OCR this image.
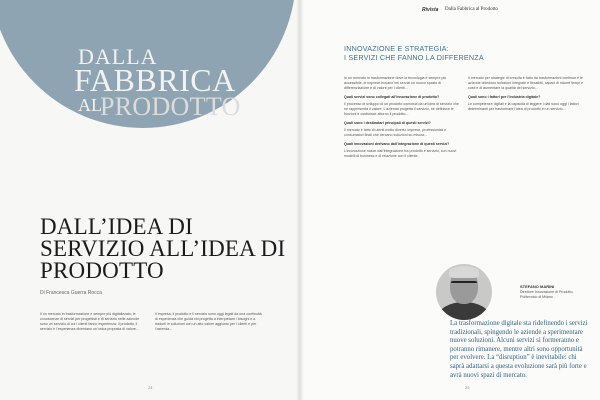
DALLA
FABBRICA
AL
PRODOTTO
DALL’IDEA DI SERVIZIO ALL’IDEA DI PRODOTTO
Di Francesca Guerra Rocca

Il un mercato in trasformazione e sempre più digitalizzato, le conoscenze di servizi per progettisti e di servizio nelle aziende sono un servizio di cui i clienti fanno esperienza: il prodotto, il servizio e l’esperienza diventano un’unica proposta di valore...

Il impresa, il prodotto e il servizio sono oggi legati da una continuità di esperienza che guida chi progetta a interpretare i bisogni e a tradurli in soluzioni con un alto valore aggiunto per i clienti e per l’azienda...

24
Rivista Dalla Fabbrica al Prodotto
INNOVAZIONE E STRATEGIA:
I SERVIZI CHE FANNO LA DIFFERENZA

In un mercato in trasformazione dove la tecnologia è sempre più accessibile, le imprese trovano nei servizi un nuovo spazio di differenziazione e di valore per i clienti...

Quali servizi sono collegati all’innovazione di prodotto?

Il processo di sviluppo di un prodotto comincia da un’idea di servizio che ne rappresenta il valore. L’azienda progetta il servizio, ne definisce le funzioni e costruisce attorno il prodotto...

Quali sono i destinatari principali di questi servizi?

Il mercato è fatto di utenti molto diversi: imprese, professionisti e consumatori finali che cercano soluzioni su misura...

Quali innovazioni derivano dall’integrazione di questi servizi?

L’innovazione nasce dall’integrazione tra prodotto e servizio, con nuovi modelli di business e di relazione con il cliente.

Il mercato per strategie di crescita è fatto da trasformazioni continue e le aziende chiedono soluzioni integrate e flessibili, capaci di ridurre tempi e costi e di aumentare la qualità del servizio...

Quali sono i fattori per l’industria digitale?

Le competenze digitali e la capacità di leggere i dati sono oggi i fattori determinanti per trasformare l’idea di prodotto in un servizio...

STEFANO MARINI
Direttore Innovazione di Prodotto, Politecnico di Milano
La trasformazione digitale sta ridefinendo i servizi tradizionali, spingendo le aziende a sperimentare nuove soluzioni. Alcuni servizi si formeranno e potranno rimanere, mentre altri sono opportunità per evolvere. La “disruption” è inevitabile: chi saprà adattarsi a questa evoluzione sarà più forte e avrà nuovi spazi di mercato.
25
